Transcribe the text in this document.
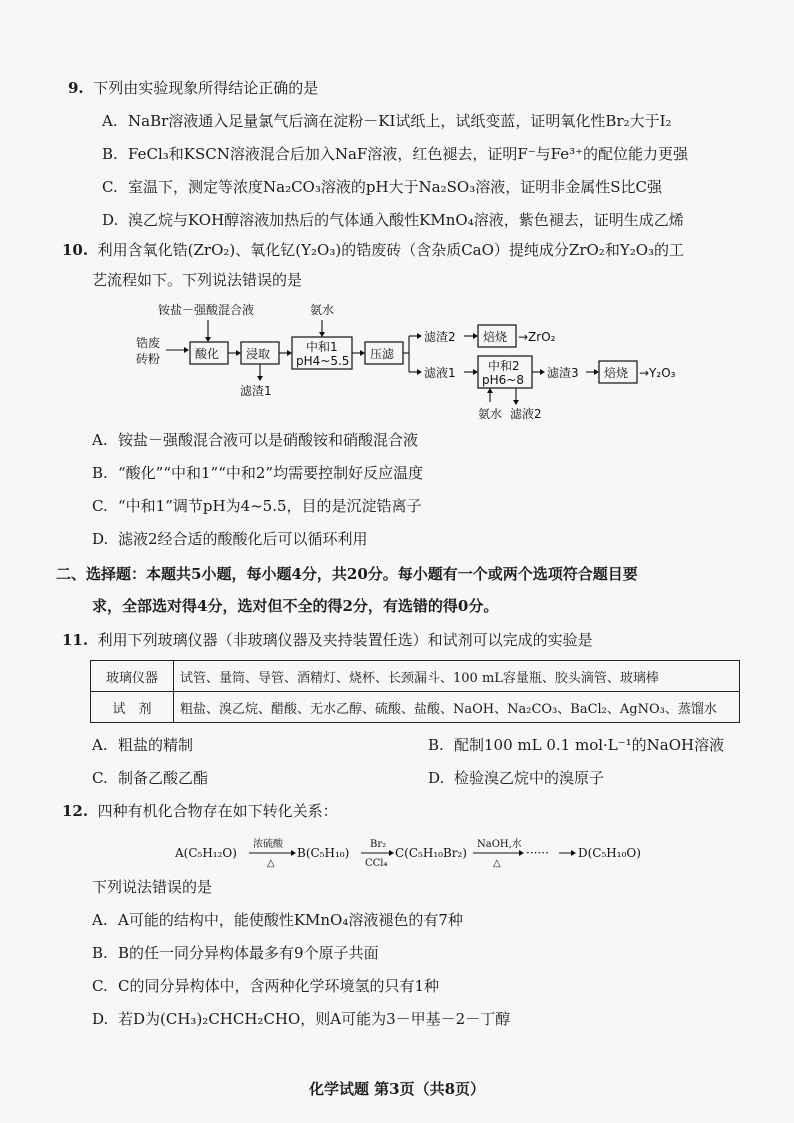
9. 下列由实验现象所得结论正确的是
A. NaBr溶液通入足量氯气后滴在淀粉－KI试纸上，试纸变蓝，证明氧化性Br₂大于I₂
B. FeCl₃和KSCN溶液混合后加入NaF溶液，红色褪去，证明F⁻与Fe³⁺的配位能力更强
C. 室温下，测定等浓度Na₂CO₃溶液的pH大于Na₂SO₃溶液，证明非金属性S比C强
D. 溴乙烷与KOH醇溶液加热后的气体通入酸性KMnO₄溶液，紫色褪去，证明生成乙烯
10. 利用含氧化锆(ZrO₂)、氧化钇(Y₂O₃)的锆废砖（含杂质CaO）提纯成分ZrO₂和Y₂O₃的工
艺流程如下。下列说法错误的是
锆废
砖粉
铵盐－强酸混合液
酸化 浸取
滤渣1
氨水
中和1
pH4~5.5 压滤
滤渣2 焙烧 →ZrO₂
滤液1	中和2
pH6~8
氨水 滤液2
滤渣3 焙烧 →Y₂O₃
A. 铵盐－强酸混合液可以是硝酸铵和硝酸混合液
B. “酸化”“中和1”“中和2”均需要控制好反应温度
C. “中和1”调节pH为4~5.5，目的是沉淀锆离子
D. 滤液2经合适的酸酸化后可以循环利用
二、选择题：本题共5小题，每小题4分，共20分。每小题有一个或两个选项符合题目要
求，全部选对得4分，选对但不全的得2分，有选错的得0分。
11. 利用下列玻璃仪器（非玻璃仪器及夹持装置任选）和试剂可以完成的实验是
玻璃仪器	试管、量筒、导管、酒精灯、烧杯、长颈漏斗、100 mL容量瓶、胶头滴管、玻璃棒
试　剂	粗盐、溴乙烷、醋酸、无水乙醇、硫酸、盐酸、NaOH、Na₂CO₃、BaCl₂、AgNO₃、蒸馏水
A. 粗盐的精制	B. 配制100 mL 0.1 mol·L⁻¹的NaOH溶液
C. 制备乙酸乙酯	D. 检验溴乙烷中的溴原子
12. 四种有机化合物存在如下转化关系：
A(C₅H₁₂O)
浓硫酸
△
B(C₅H₁₀)
Br₂
CCl₄
C(C₅H₁₀Br₂)
NaOH,水
△
······ D(C₅H₁₀O)
下列说法错误的是
A. A可能的结构中，能使酸性KMnO₄溶液褪色的有7种
B. B的任一同分异构体最多有9个原子共面
C. C的同分异构体中，含两种化学环境氢的只有1种
D. 若D为(CH₃)₂CHCH₂CHO，则A可能为3－甲基－2－丁醇
化学试题 第3页（共8页）
